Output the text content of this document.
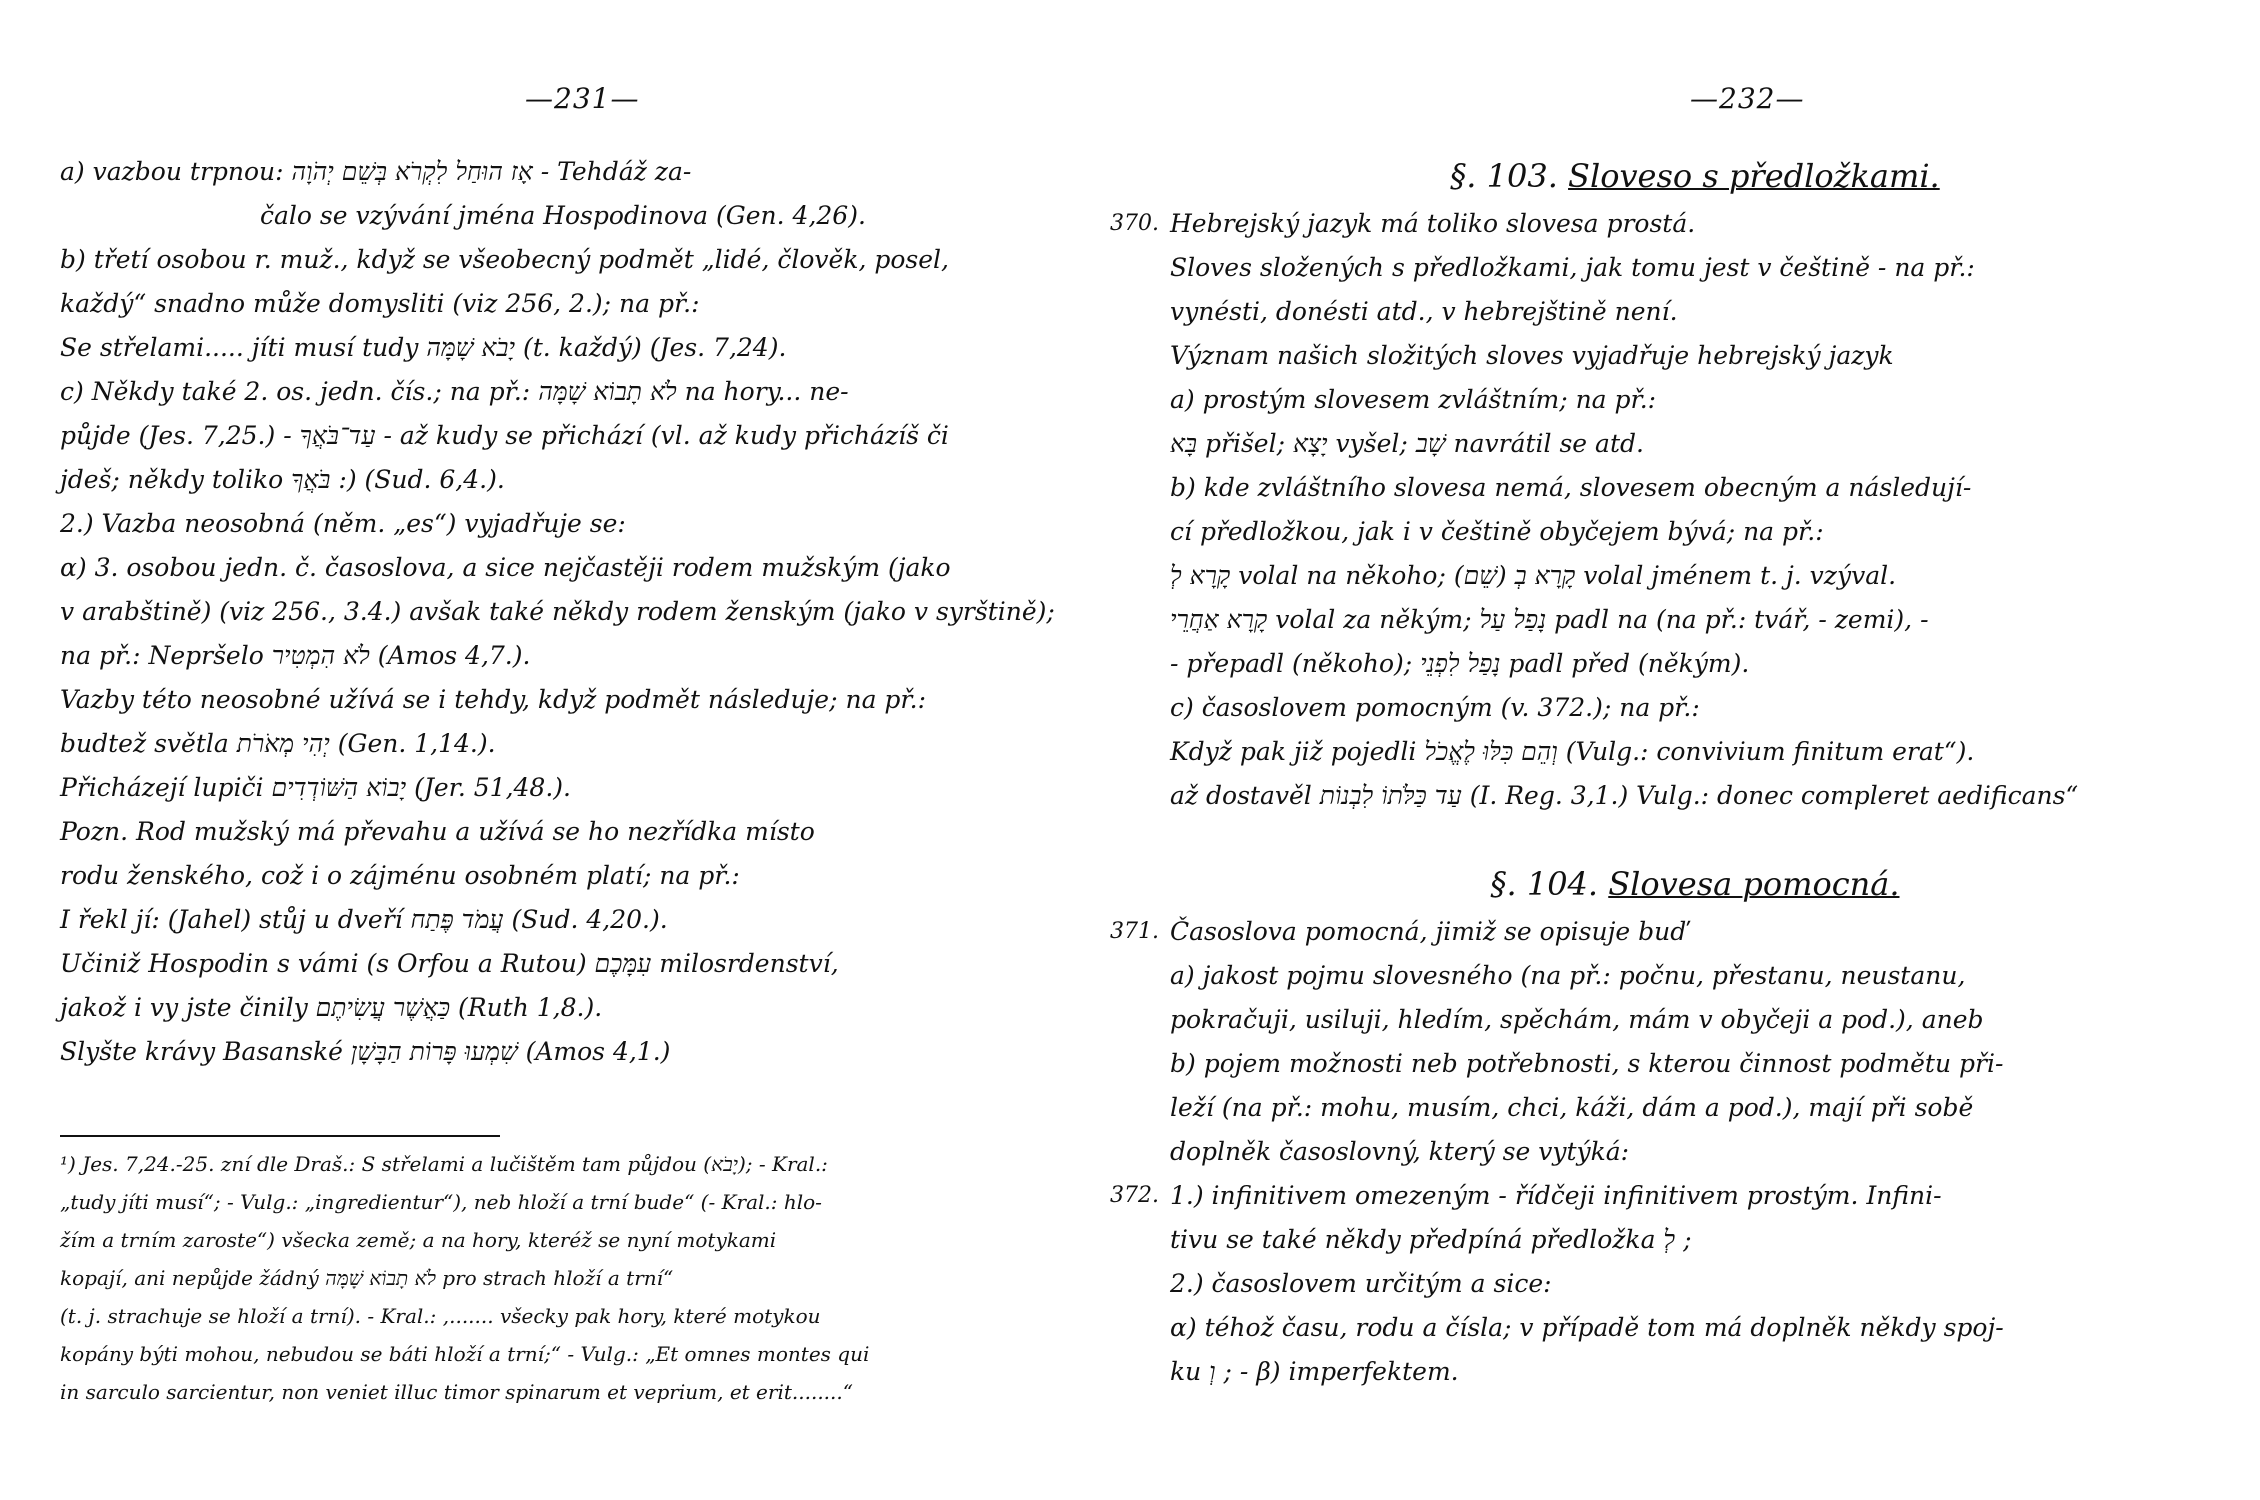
—231—
a) vazbou trpnou: אָז הוּחַל לִקְרֹא בְּשֵׁם יְהֹוָה - Tehdáž za-
čalo se vzývání jména Hospodinova (Gen. 4,26).
b) třetí osobou r. muž., když se všeobecný podmět „lidé, člověk, posel,
každý“ snadno může domysliti (viz 256, 2.); na př.:
Se střelami..... jíti musí tudy יָבֹא שָׁמָּה (t. každý) (Jes. 7,24).
c) Někdy také 2. os. jedn. čís.; na př.: לֹא תָבוֹא שָׁמָּה na hory... ne-
půjde (Jes. 7,25.) - עַד־בֹּאֲךָ - až kudy se přichází (vl. až kudy přicházíš či
jdeš; někdy toliko בֹּאֲךָ :) (Sud. 6,4.).
2.) Vazba neosobná (něm. „es“) vyjadřuje se:
α) 3. osobou jedn. č. časoslova, a sice nejčastěji rodem mužským (jako
v arabštině) (viz 256., 3.4.) avšak také někdy rodem ženským (jako v syrštině);
na př.: Nepršelo לֹא הִמְטִיר (Amos 4,7.).
Vazby této neosobné užívá se i tehdy, když podmět následuje; na př.:
budtež světla יְהִי מְאֹרֹת (Gen. 1,14.).
Přicházejí lupiči יָבוֹא הַשּׁוֹדְדִים (Jer. 51,48.).
Pozn. Rod mužský má převahu a užívá se ho nezřídka místo
rodu ženského, což i o zájménu osobném platí; na př.:
I řekl jí: (Jahel) stůj u dveří עֲמֹד פֶּתַח (Sud. 4,20.).
Učiniž Hospodin s vámi (s Orfou a Rutou) עִמָּכֶם milosrdenství,
jakož i vy jste činily כַּאֲשֶׁר עֲשִׂיתֶם (Ruth 1,8.).
Slyšte krávy Basanské שִׁמְעוּ פָּרוֹת הַבָּשָׁן (Amos 4,1.)
¹) Jes. 7,24.-25. zní dle Draš.: S střelami a lučištěm tam půjdou (יָבֹא); - Kral.:
„tudy jíti musí“; - Vulg.: „ingredientur“), neb hloží a trní bude“ (- Kral.: hlo-
žím a trním zaroste“) všecka země; a na hory, kteréž se nyní motykami
kopají, ani nepůjde žádný לֹא תָבוֹא שָׁמָּה pro strach hloží a trní“
(t. j. strachuje se hloží a trní). - Kral.: ,....... všecky pak hory, které motykou
kopány býti mohou, nebudou se báti hloží a trní;“ - Vulg.: „Et omnes montes qui
in sarculo sarcientur, non veniet illuc timor spinarum et veprium, et erit........“
—232—
§. 103. Sloveso s předložkami.
370. Hebrejský jazyk má toliko slovesa prostá.
Sloves složených s předložkami, jak tomu jest v češtině - na př.:
vynésti, donésti atd., v hebrejštině není.
Význam našich složitých sloves vyjadřuje hebrejský jazyk
a) prostým slovesem zvláštním; na př.:
בָּא přišel; יָצָא vyšel; שָׁב navrátil se atd.
b) kde zvláštního slovesa nemá, slovesem obecným a následují-
cí předložkou, jak i v češtině obyčejem bývá; na př.:
קָרָא לְ volal na někoho; (שֵׁם) קָרָא בְ volal jménem t. j. vzýval.
קָרָא אַחֲרֵי volal za někým; נָפַל עַל padl na (na př.: tvář, - zemi), -
- přepadl (někoho); נָפַל לִפְנֵי padl před (někým).
c) časoslovem pomocným (v. 372.); na př.:
Když pak již pojedli וְהֵם כִּלּוּ לֶאֱכֹל (Vulg.: convivium finitum erat“).
až dostavěl עַד כַּלֹּתוֹ לִבְנוֹת (I. Reg. 3,1.) Vulg.: donec compleret aedificans“
§. 104. Slovesa pomocná.
371. Časoslova pomocná, jimiž se opisuje buď
a) jakost pojmu slovesného (na př.: počnu, přestanu, neustanu,
pokračuji, usiluji, hledím, spěchám, mám v obyčeji a pod.), aneb
b) pojem možnosti neb potřebnosti, s kterou činnost podmětu při-
leží (na př.: mohu, musím, chci, káži, dám a pod.), mají při sobě
doplněk časoslovný, který se vytýká:
372. 1.) infinitivem omezeným - řídčeji infinitivem prostým. Infini-
tivu se také někdy předpíná předložka לְ ;
2.) časoslovem určitým a sice:
α) téhož času, rodu a čísla; v případě tom má doplněk někdy spoj-
ku וְ ; - β) imperfektem.
